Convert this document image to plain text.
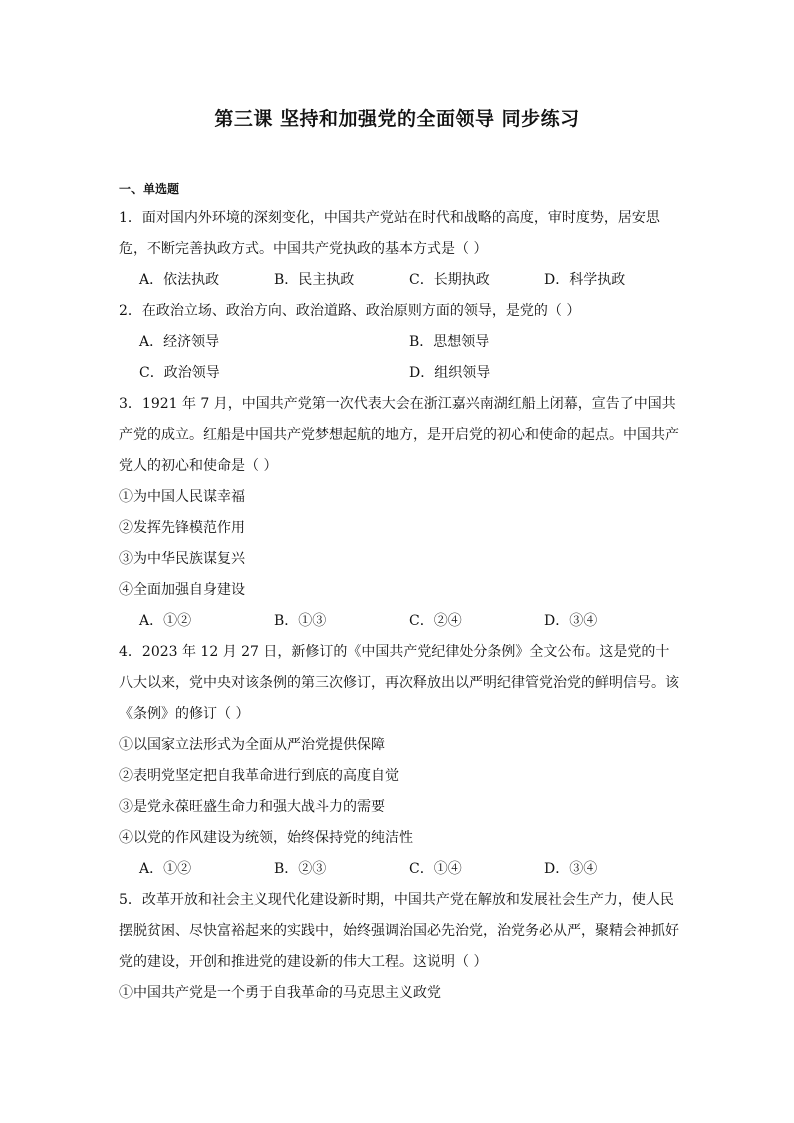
第三课 坚持和加强党的全面领导 同步练习
一、单选题
1．面对国内外环境的深刻变化，中国共产党站在时代和战略的高度，审时度势，居安思危，不断完善执政方式。中国共产党执政的基本方式是（ ）
A．依法执政	B．民主执政	C．长期执政	D．科学执政
2．在政治立场、政治方向、政治道路、政治原则方面的领导，是党的（ ）
A．经济领导	B．思想领导
C．政治领导	D．组织领导
3．1921 年 7 月，中国共产党第一次代表大会在浙江嘉兴南湖红船上闭幕，宣告了中国共产党的成立。红船是中国共产党梦想起航的地方，是开启党的初心和使命的起点。中国共产党人的初心和使命是（ ）
①为中国人民谋幸福
②发挥先锋模范作用
③为中华民族谋复兴
④全面加强自身建设
A．①②	B．①③	C．②④	D．③④
4．2023 年 12 月 27 日，新修订的《中国共产党纪律处分条例》全文公布。这是党的十八大以来，党中央对该条例的第三次修订，再次释放出以严明纪律管党治党的鲜明信号。该《条例》的修订（ ）
①以国家立法形式为全面从严治党提供保障
②表明党坚定把自我革命进行到底的高度自觉
③是党永葆旺盛生命力和强大战斗力的需要
④以党的作风建设为统领，始终保持党的纯洁性
A．①②	B．②③	C．①④	D．③④
5．改革开放和社会主义现代化建设新时期，中国共产党在解放和发展社会生产力，使人民摆脱贫困、尽快富裕起来的实践中，始终强调治国必先治党，治党务必从严，聚精会神抓好党的建设，开创和推进党的建设新的伟大工程。这说明（ ）
①中国共产党是一个勇于自我革命的马克思主义政党
